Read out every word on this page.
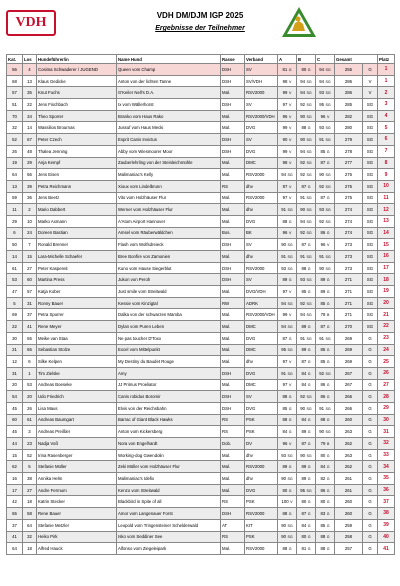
VDH	VDH DM/DJM IGP 2025
Ergebnisse der Teilnehmer
Kat.	Los	Hundeführer/in	Name Hund	Rasse	Verband	A	B	C	Gesamt		Platz
56	4	Cosima Schwaderer / JUGEND	Queen vom Champ	DSH	SV	81 G	80 G	94 SG	255	G	1
68	13	Klaus Gedicke	Anton von der lichten Tanne	DSH	SV/VDH	98 V	94 SG	94 SG	286	V	1
57	35	Knut Fuchs	G'Keiler Nell's D.A.	Mal.	RSV2000	99 V	94 SG	93 SG	286	V	2
51	22	Jens Fischbach	Ix vom Wällerhorst	DSH	SV	97 V	92 SG	95 SG	285	SG	3
70	34	Theo Sporrer	Branko vom Haus Rako	Mal.	RSV2000/VDH	96 V	90 SG	96 V	282	SG	4
32	14	Wassilios Brournas	Jussuf vom Haus Mecki	Mal.	DVG	99 V	88 G	93 SG	280	SG	5
52	67	Peter Czech	Esprit Canis Invictus	DSH	SV	90 V	90 SG	91 SG	279	SG	6
26	48	Thalea Jenning	Abby vom Wiesmoorer Moor	DSH	DVG	99 V	94 SG	85 G	278	SG	7
19	29	Anja Kempf	Zauberlehrling von der Steinleichmühle	Mal.	DMC	98 V	92 SG	87 G	277	SG	8
64	56	Jens Eisen	Malimaniac's Kelly	Mal.	RSV2000	94 SG	92 SG	90 SG	276	SG	9
13	39	Petra Reichmann	Xioux vom Lindelbrunn	RS	dhv	97 V	87 G	92 SG	276	SG	10
59	36	Jens Beetz	Vito vom Holzhäuser Flur	Mal.	RSV2000	97 V	91 SG	87 G	275	SG	11
11	2	Mario Dabbert	Werner vom Holzhäuser Flur	Mal.	dhv	91 SG	90 SG	93 SG	274	SG	12
29	10	Marko Axmann	A'Atom Airport Hannover	Mal.	DVG	88 G	94 SG	92 SG	274	SG	13
6	24	Doreen Bastian	Amsel vom Räuberwäldchen	Bos.	BK	96 V	92 SG	86 G	274	SG	14
50	7	Ronald Brenner	Flash vom Wolfsdreieck	DSH	SV	90 SG	87 G	96 V	273	SG	15
14	15	Lara-Michelle Schaefer	Bree Bonfire von Zamonien	Mal.	dhv	91 SG	91 SG	91 SG	273	SG	16
61	27	Peter Kaspereit	Kuno vom Hause Siegerblut	DSH	RSV2000	93 SG	88 G	90 SG	273	SG	17
53	60	Martina Press	Jukon von Peroh	DSH	SV	89 G	93 SG	89 G	271	SG	18
47	57	Katja Kober	Just smile vom Streitwald	Mal.	DVG/VDH	97 V	85 G	89 G	271	SG	19
5	31	Ronny Bauer	Kessie vom Kinzigtal	RW	ADRK	94 SG	92 SG	85 G	271	SG	20
69	37	Petra Sporrer	Dalka von der schwarzen Mamba	Mal.	RSV2000/VDH	99 V	94 SG	78 B	271	SG	21
22	41	Rene Meyer	Dylan vom Puren Leben	Mal.	DMC	94 SG	89 G	87 G	270	SG	22
30	55	Meike van Staa	Ne pas toucher D'Toxx	Mal.	DVG	87 G	91 SG	91 SG	269	G	23
21	65	Sebastian Stolze	Excel vom Mittelpunkt	Mal.	DMC	95 SG	89 G	85 G	269	G	24
12	6	Silke Kelpen	My Destiny du Baudet Rouge	Mal.	dhv	97 V	87 G	85 G	269	G	25
31	1	Tim Zielske	Amy	DSH	DVG	91 SG	84 G	92 SG	267	G	26
20	53	Andreas Boeseke	JJ Primus Proeliator	Mal.	DMC	97 V	84 G	86 G	267	G	27
54	20	Udo Friedrich	Canis robidus Boromir	DSH	SV	88 G	92 SG	86 G	266	G	28
45	26	Lisa Maus	Elvis von der Reichsbahn	DSH	DVG	85 G	90 SG	91 SG	266	G	29
60	61	Andreas Baumgart	Barrac of Giant Black Hawks	RS	PSK	88 G	84 G	88 G	260	G	30
45	3	Andreas Preißler	Anton vom Kickersberg	RS	PSK	84 G	89 G	90 SG	263	G	31
44	23	Nadja Voß	Nora von Engelhardt	Dob.	DV	96 V	87 G	79 B	262	G	32
15	52	Irina Rasenberger	Working-dog Gwendolin	Mal.	dhv	93 SG	90 SG	80 G	263	G	33
62	5	Stefanie Müller	Zeki Müller vom Holzhäuser Flur	Mal.	RSV2000	89 G	89 G	84 G	262	G	34
16	38	Annika Helm	Malimaniac's Idefix	Mal.	dhv	90 SG	89 G	82 G	261	G	35
17	27	Andre Fermum	Kenzo vom Streitwald	Mal.	DVG	80 G	95 SG	86 G	261	G	36
42	18	Katrin Stecker	Blackbird in Spite of all	RS	PSK	100 V	80 G	80 G	260	G	37
65	58	Rene Bauer	Amor vom Langenauer Forst	DSH	RSV2000	88 G	87 G	83 G	260	G	38
37	64	Stefanie Metzler	Leopold vom Tringensteiner Schelderwald	AT	KIT	90 SG	84 G	85 G	259	G	39
41	32	Heiko Pirk	Isko vom Seddiner See	RS	PSK	90 SG	80 G	88 G	258	G	40
64	18	Alfred Hauck	Alfonso vom Ziegeleipark	Mal.	RSV2000	88 G	81 G	88 G	257	G	41
